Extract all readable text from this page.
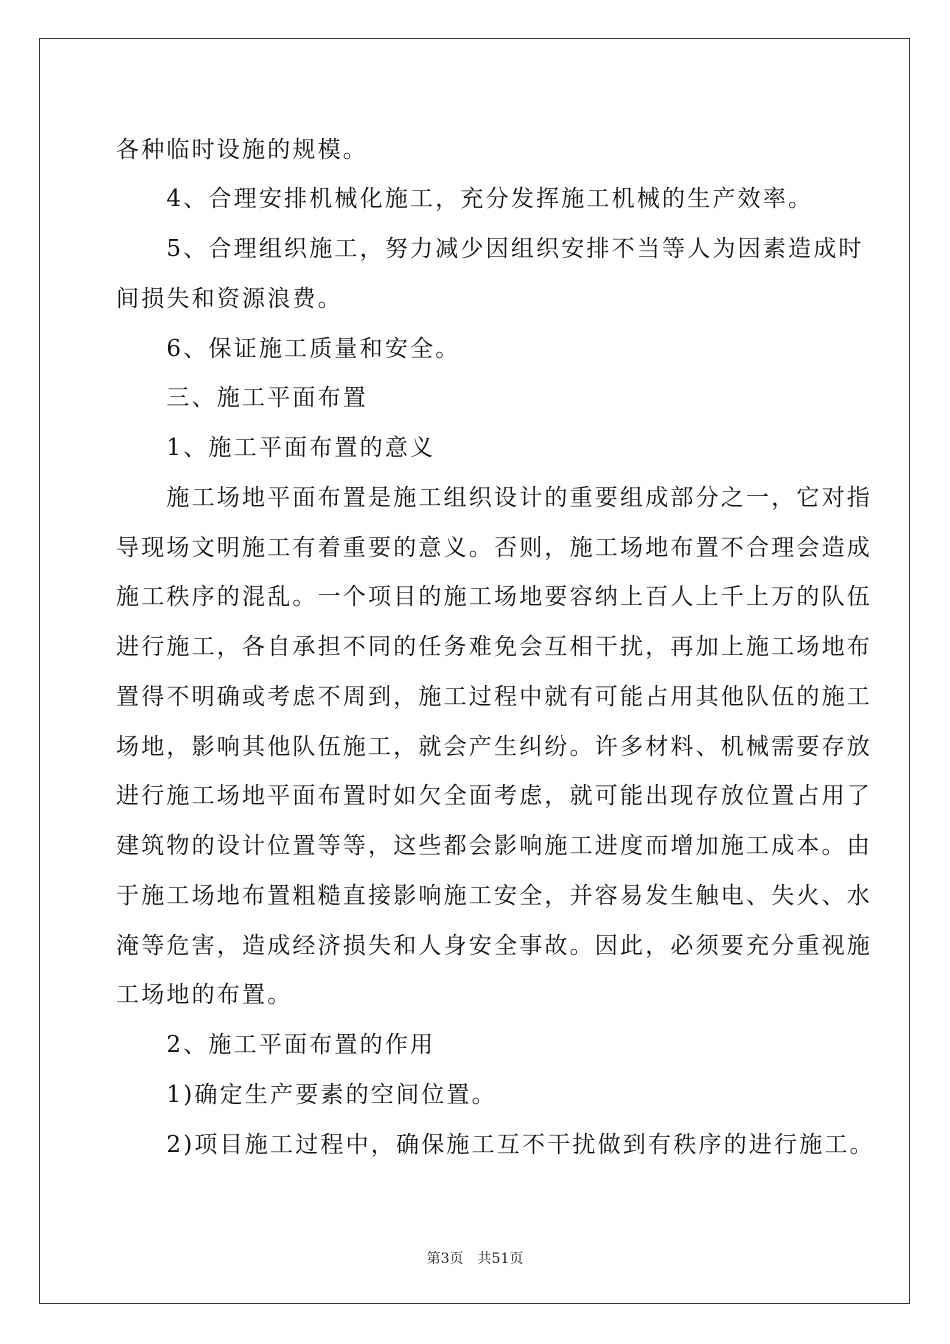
各种临时设施的规模。
　　4、合理安排机械化施工，充分发挥施工机械的生产效率。
　　5、合理组织施工，努力减少因组织安排不当等人为因素造成时
间损失和资源浪费。
　　6、保证施工质量和安全。
　　三、施工平面布置
　　1、施工平面布置的意义
　　施工场地平面布置是施工组织设计的重要组成部分之一，它对指
导现场文明施工有着重要的意义。否则，施工场地布置不合理会造成
施工秩序的混乱。一个项目的施工场地要容纳上百人上千上万的队伍
进行施工，各自承担不同的任务难免会互相干扰，再加上施工场地布
置得不明确或考虑不周到，施工过程中就有可能占用其他队伍的施工
场地，影响其他队伍施工，就会产生纠纷。许多材料、机械需要存放
进行施工场地平面布置时如欠全面考虑，就可能出现存放位置占用了
建筑物的设计位置等等，这些都会影响施工进度而增加施工成本。由
于施工场地布置粗糙直接影响施工安全，并容易发生触电、失火、水
淹等危害，造成经济损失和人身安全事故。因此，必须要充分重视施
工场地的布置。
　　2、施工平面布置的作用
　　1)确定生产要素的空间位置。
　　2)项目施工过程中，确保施工互不干扰做到有秩序的进行施工。
第3页 共51页
